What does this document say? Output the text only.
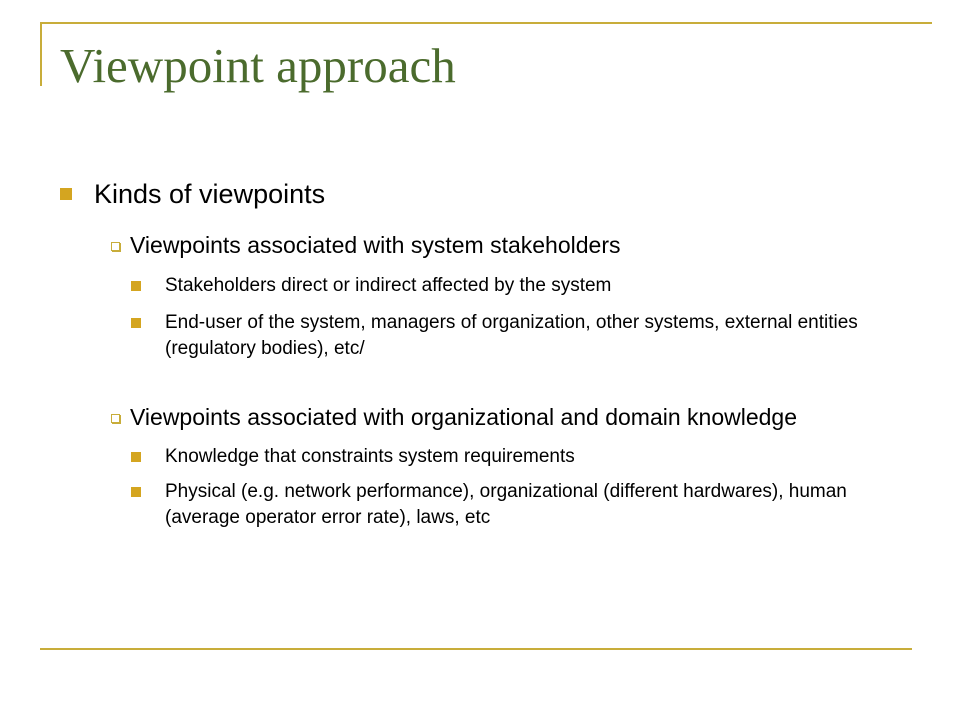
Viewpoint approach
Kinds of viewpoints
Viewpoints associated with system stakeholders
Stakeholders direct or indirect affected by the system
End-user of the system, managers of organization, other systems, external entities (regulatory bodies), etc/
Viewpoints associated with organizational and domain knowledge
Knowledge that constraints system requirements
Physical (e.g. network performance), organizational (different hardwares), human (average operator error rate), laws, etc
